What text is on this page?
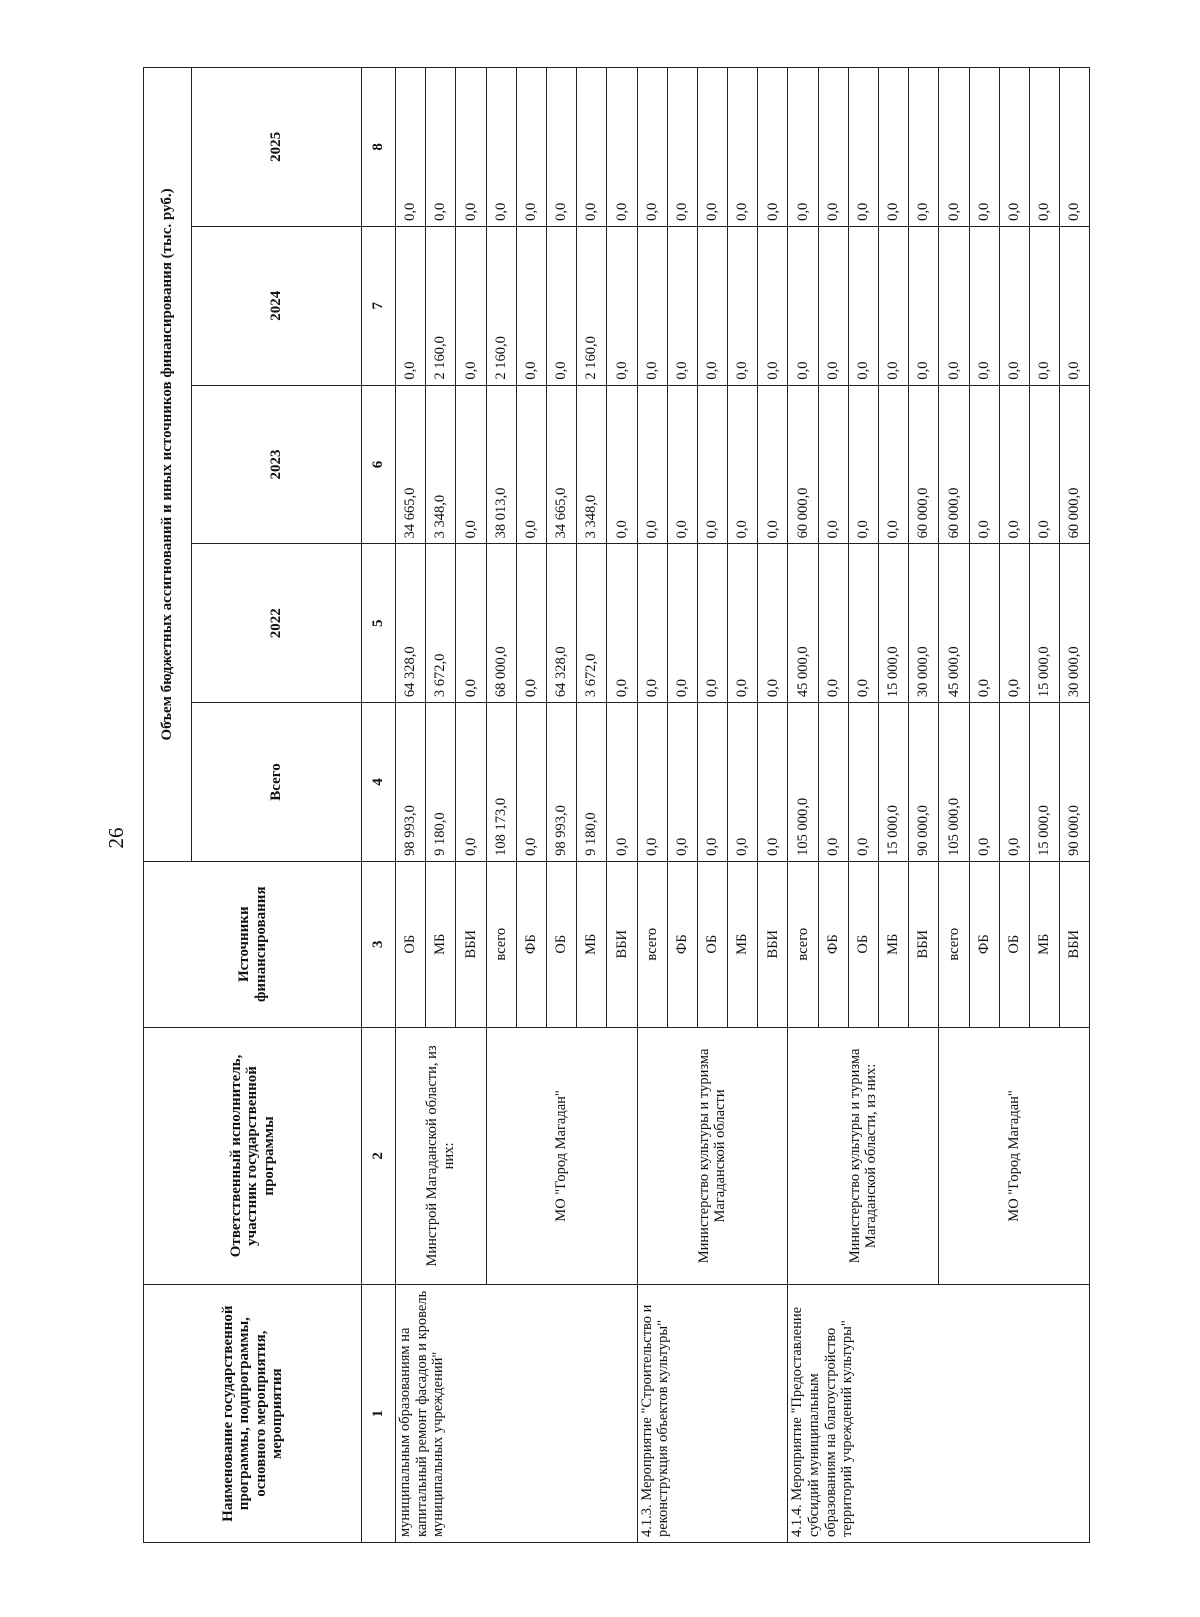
26
Наименование государственной программы, подпрограммы, основного мероприятия, мероприятия	Ответственный исполнитель, участник государственной программы	Источники финансирования	Объем бюджетных ассигнований и иных источников финансирования (тыс. руб.)				
			Всего	2022	2023	2024	2025
1	2	3	4	5	6	7	8
муниципальным образованиям на капитальный ремонт фасадов и кровель муниципальных учреждений"	Минстрой Магаданской области, из них:	ОБ	98 993,0	64 328,0	34 665,0	0,0	0,0
		МБ	9 180,0	3 672,0	3 348,0	2 160,0	0,0
		ВБИ	0,0	0,0	0,0	0,0	0,0
	МО "Город Магадан"	всего	108 173,0	68 000,0	38 013,0	2 160,0	0,0
		ФБ	0,0	0,0	0,0	0,0	0,0
		ОБ	98 993,0	64 328,0	34 665,0	0,0	0,0
		МБ	9 180,0	3 672,0	3 348,0	2 160,0	0,0
		ВБИ	0,0	0,0	0,0	0,0	0,0
4.1.3. Мероприятие "Строительство и реконструкция объектов культуры"	Министерство культуры и туризма Магаданской области	всего	0,0	0,0	0,0	0,0	0,0
		ФБ	0,0	0,0	0,0	0,0	0,0
		ОБ	0,0	0,0	0,0	0,0	0,0
		МБ	0,0	0,0	0,0	0,0	0,0
		ВБИ	0,0	0,0	0,0	0,0	0,0
4.1.4. Мероприятие "Предоставление субсидий муниципальным образованиям на благоустройство территорий учреждений культуры"	Министерство культуры и туризма Магаданской области, из них:	всего	105 000,0	45 000,0	60 000,0	0,0	0,0
		ФБ	0,0	0,0	0,0	0,0	0,0
		ОБ	0,0	0,0	0,0	0,0	0,0
		МБ	15 000,0	15 000,0	0,0	0,0	0,0
		ВБИ	90 000,0	30 000,0	60 000,0	0,0	0,0
	МО "Город Магадан"	всего	105 000,0	45 000,0	60 000,0	0,0	0,0
		ФБ	0,0	0,0	0,0	0,0	0,0
		ОБ	0,0	0,0	0,0	0,0	0,0
		МБ	15 000,0	15 000,0	0,0	0,0	0,0
		ВБИ	90 000,0	30 000,0	60 000,0	0,0	0,0
